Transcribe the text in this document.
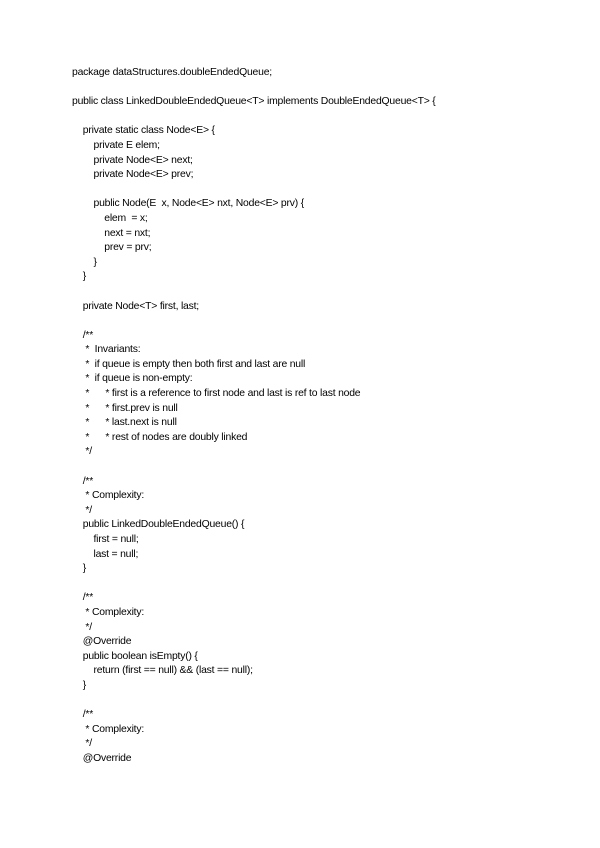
package dataStructures.doubleEndedQueue;
public class LinkedDoubleEndedQueue<T> implements DoubleEndedQueue<T> {
private static class Node<E> {
private E elem;
private Node<E> next;
private Node<E> prev;
public Node(E  x, Node<E> nxt, Node<E> prv) {
elem  = x;
next = nxt;
prev = prv;
}
}
private Node<T> first, last;
/**
*  Invariants:
*  if queue is empty then both first and last are null
*  if queue is non-empty:
*      * first is a reference to first node and last is ref to last node
*      * first.prev is null
*      * last.next is null
*      * rest of nodes are doubly linked
*/
/**
* Complexity:
*/
public LinkedDoubleEndedQueue() {
first = null;
last = null;
}
/**
* Complexity:
*/
@Override
public boolean isEmpty() {
return (first == null) && (last == null);
}
/**
* Complexity:
*/
@Override
